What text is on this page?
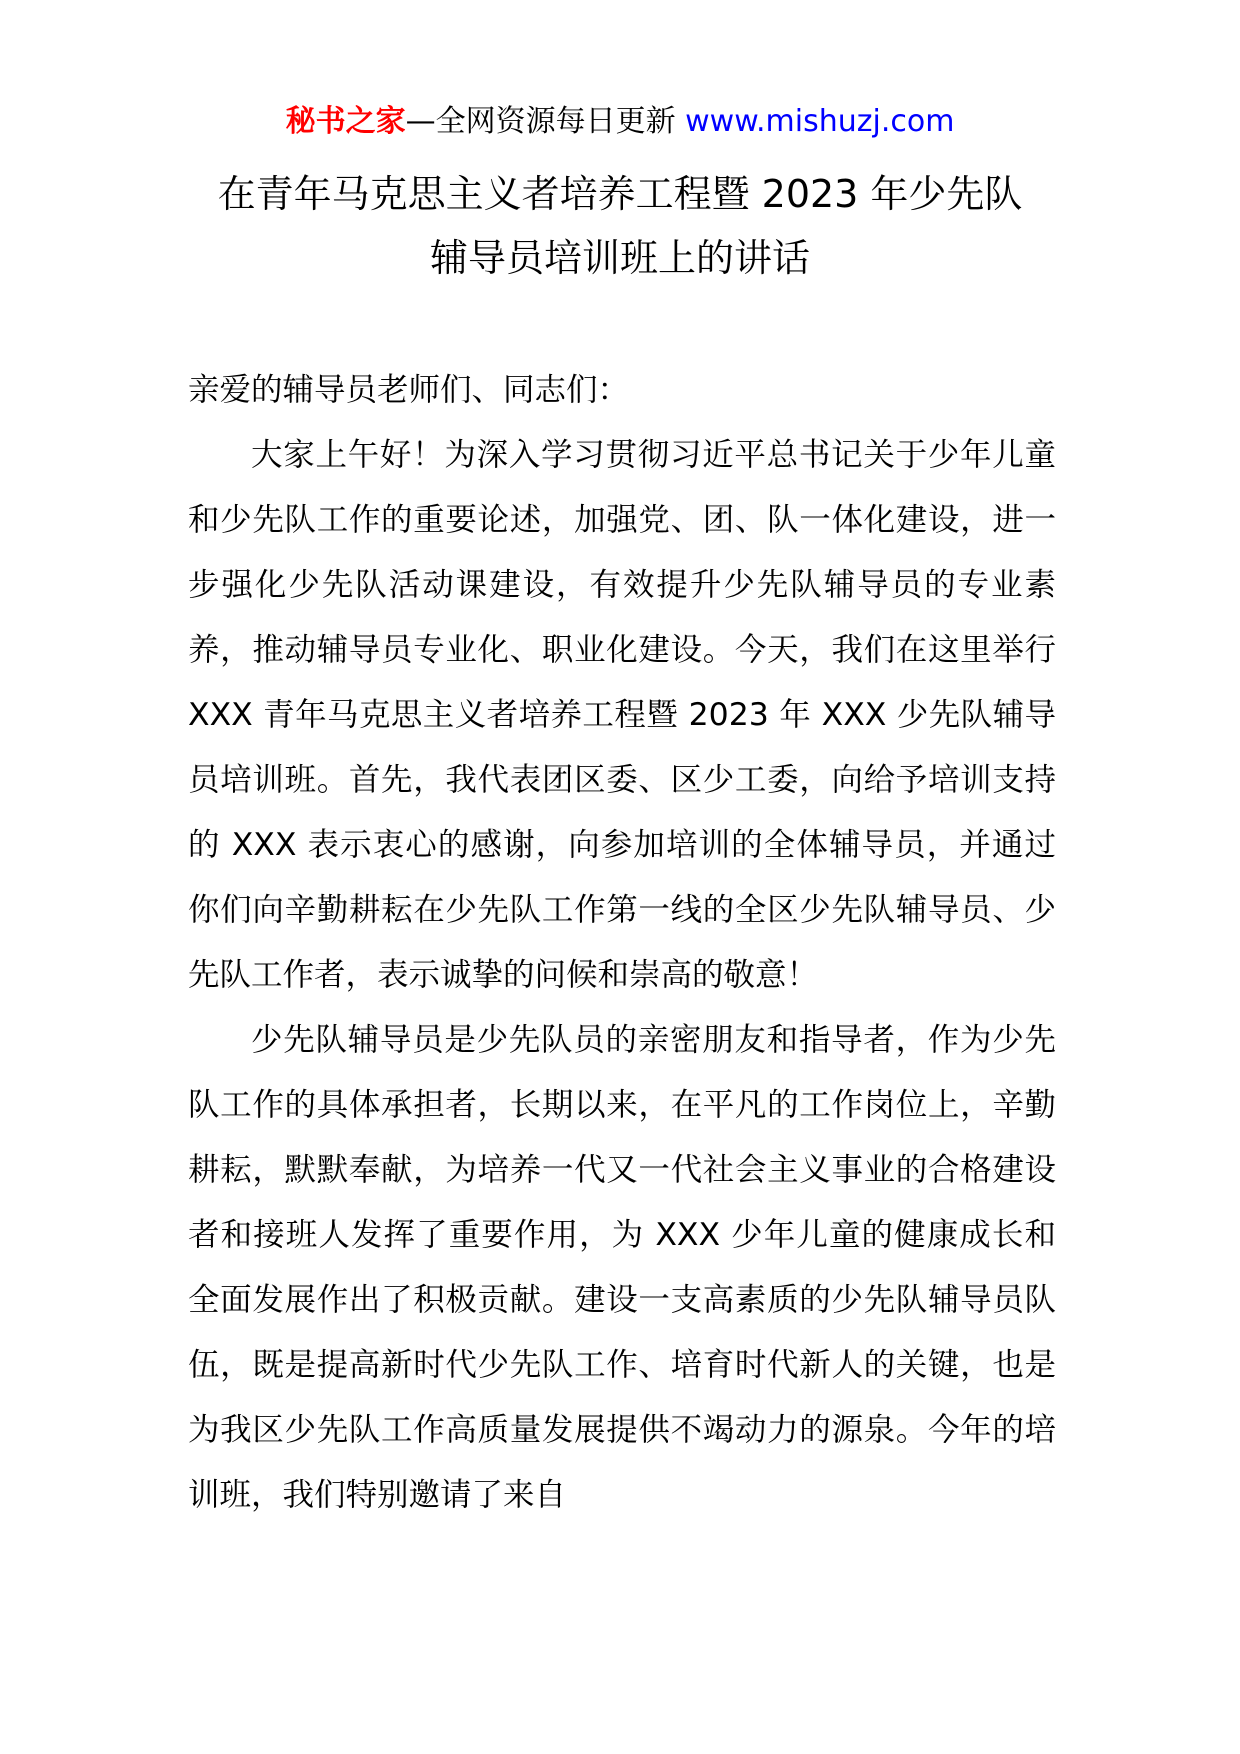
秘书之家—全网资源每日更新 www.mishuzj.com
在青年马克思主义者培养工程暨 2023 年少先队
辅导员培训班上的讲话

亲爱的辅导员老师们、同志们：

大家上午好！为深入学习贯彻习近平总书记关于少年儿童和少先队工作的重要论述，加强党、团、队一体化建设，进一步强化少先队活动课建设，有效提升少先队辅导员的专业素养，推动辅导员专业化、职业化建设。今天，我们在这里举行 XXX 青年马克思主义者培养工程暨 2023 年 XXX 少先队辅导员培训班。首先，我代表团区委、区少工委，向给予培训支持的 XXX 表示衷心的感谢，向参加培训的全体辅导员，并通过你们向辛勤耕耘在少先队工作第一线的全区少先队辅导员、少先队工作者，表示诚挚的问候和崇高的敬意！

少先队辅导员是少先队员的亲密朋友和指导者，作为少先队工作的具体承担者，长期以来，在平凡的工作岗位上，辛勤耕耘，默默奉献，为培养一代又一代社会主义事业的合格建设者和接班人发挥了重要作用，为 XXX 少年儿童的健康成长和全面发展作出了积极贡献。建设一支高素质的少先队辅导员队伍，既是提高新时代少先队工作、培育时代新人的关键，也是为我区少先队工作高质量发展提供不竭动力的源泉。今年的培训班，我们特别邀请了来自
